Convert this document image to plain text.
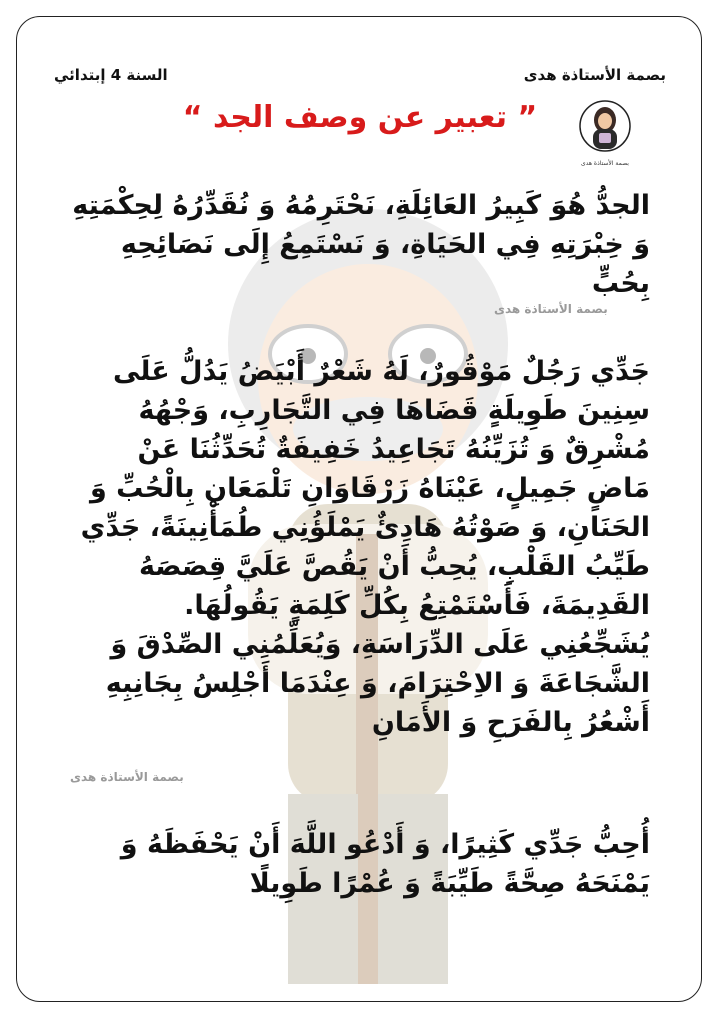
بصمة الأستاذة هدى
السنة 4 إبتدائي
“ تعبير عن وصف الجد ”
بصمة الأستاذة هدى
الجدُّ هُوَ كَبِيرُ العَائِلَةِ، نَحْتَرِمُهُ وَ نُقَدِّرُهُ لِحِكْمَتِهِ وَ خِبْرَتِهِ فِي الحَيَاةِ، وَ نَسْتَمِعُ إِلَى نَصَائِحِهِ بِحُبٍّ
بصمة الأستاذة هدى
جَدِّي رَجُلٌ مَوْقُورٌ، لَهُ شَعْرٌ أَبْيَضُ يَدُلُّ عَلَى سِنِينَ طَوِيلَةٍ قَضَاهَا فِي التَّجَارِبِ، وَجْهُهُ مُشْرِقٌ وَ تُزَيِّنُهُ تَجَاعِيدُ خَفِيفَةٌ تُحَدِّثُنَا عَنْ مَاضٍ جَمِيلٍ، عَيْنَاهُ زَرْقَاوَانِ تَلْمَعَانِ بِالْحُبِّ وَ الحَنَانِ، وَ صَوْتُهُ هَادِئٌ يَمْلَؤُنِي طُمَأْنِينَةً، جَدِّي طَيِّبُ القَلْبِ، يُحِبُّ أَنْ يَقُصَّ عَلَيَّ قِصَصَهُ القَدِيمَةَ، فَأَسْتَمْتِعُ بِكُلِّ كَلِمَةٍ يَقُولُهَا. يُشَجِّعُنِي عَلَى الدِّرَاسَةِ، وَيُعَلِّمُنِي الصِّدْقَ وَ الشَّجَاعَةَ وَ الاِحْتِرَامَ، وَ عِنْدَمَا أَجْلِسُ بِجَانِبِهِ أَشْعُرُ بِالفَرَحِ وَ الأَمَانِ
بصمة الأستاذة هدى
أُحِبُّ جَدِّي كَثِيرًا، وَ أَدْعُو اللَّهَ أَنْ يَحْفَظَهُ وَ يَمْنَحَهُ صِحَّةً طَيِّبَةً وَ عُمْرًا طَوِيلًا
